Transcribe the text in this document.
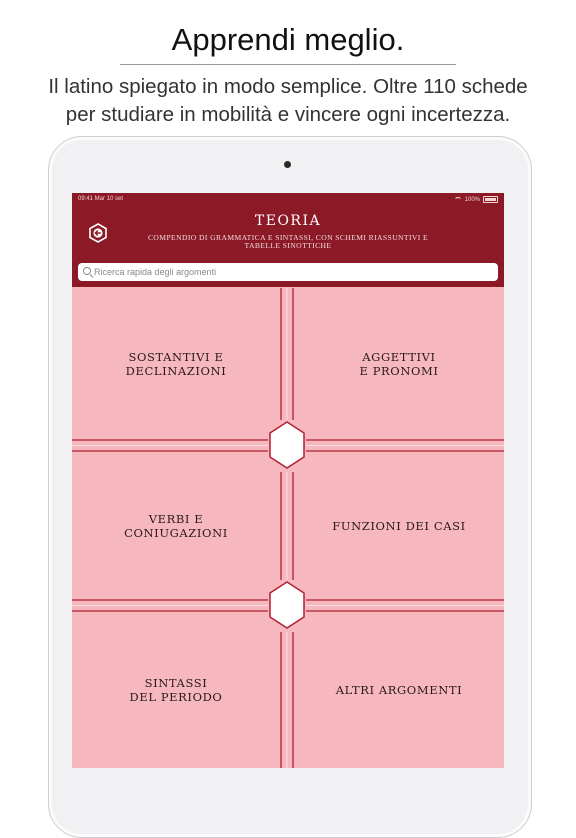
Apprendi meglio.
Il latino spiegato in modo semplice. Oltre 110 schede
per studiare in mobilità e vincere ogni incertezza.
09:41 Mar 10 set	100%
TEORIA
COMPENDIO DI GRAMMATICA E SINTASSI, CON SCHEMI RIASSUNTIVI E TABELLE SINOTTICHE
Ricerca rapida degli argomenti
SOSTANTIVI E
DECLINAZIONI
AGGETTIVI
E PRONOMI
VERBI E
CONIUGAZIONI	FUNZIONI DEI CASI
SINTASSI
DEL PERIODO	ALTRI ARGOMENTI
